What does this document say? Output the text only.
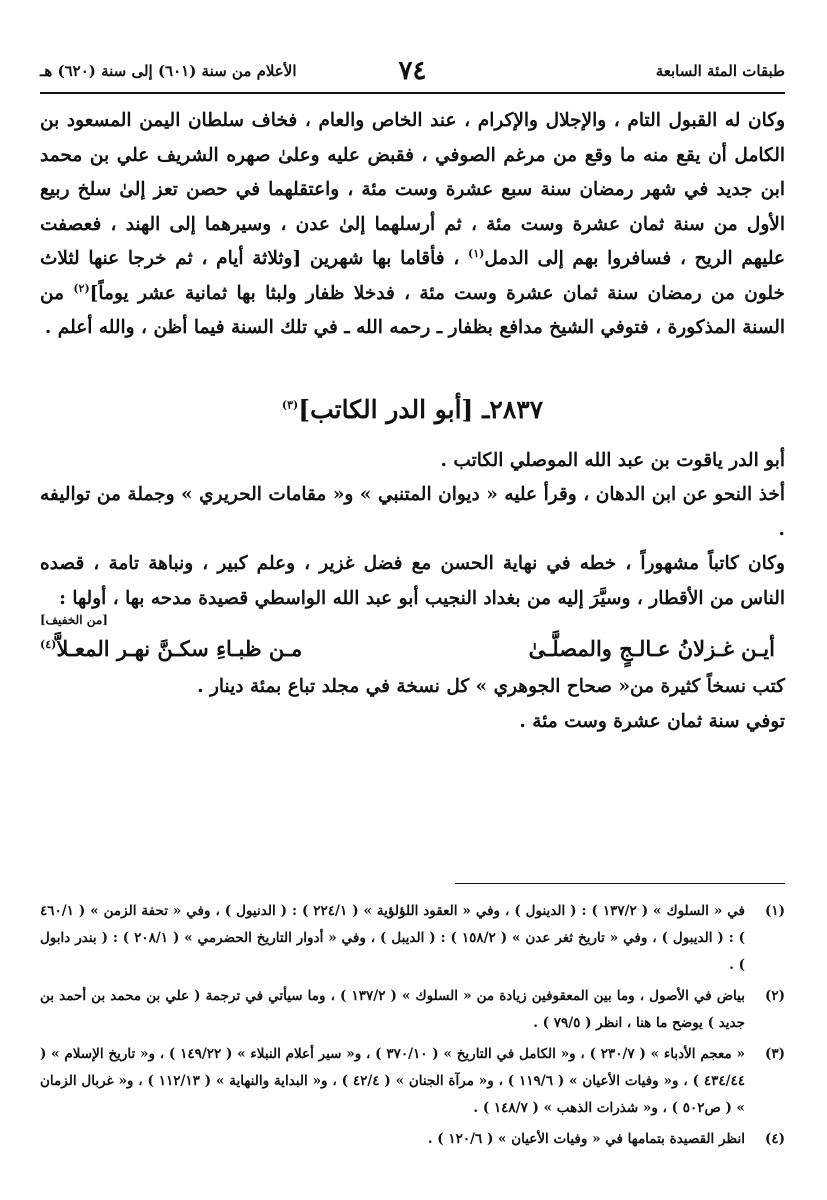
طبقات المئة السابعة
٧٤
الأعلام من سنة (٦٠١) إلى سنة (٦٢٠) هـ

وكان له القبول التام ، والإجلال والإكرام ، عند الخاص والعام ، فخاف سلطان اليمن المسعود بن الكامل أن يقع منه ما وقع من مرغم الصوفي ، فقبض عليه وعلىٰ صهره الشريف علي بن محمد ابن جديد في شهر رمضان سنة سبع عشرة وست مئة ، واعتقلهما في حصن تعز إلىٰ سلخ ربيع الأول من سنة ثمان عشرة وست مئة ، ثم أرسلهما إلىٰ عدن ، وسيرهما إلى الهند ، فعصفت عليهم الريح ، فسافروا بهم إلى الدمل$^{(١)}$ ، فأقاما بها شهرين [وثلاثة أيام ، ثم خرجا عنها لثلاث خلون من رمضان سنة ثمان عشرة وست مئة ، فدخلا ظفار ولبثا بها ثمانية عشر يوماً]$^{(٢)}$ من السنة المذكورة ، فتوفي الشيخ مدافع بظفار ـ رحمه الله ـ في تلك السنة فيما أظن ، والله أعلم .

٢٨٣٧ـ [أبو الدر الكاتب]$^{(٣)}$

أبو الدر ياقوت بن عبد الله الموصلي الكاتب .

أخذ النحو عن ابن الدهان ، وقرأ عليه « ديوان المتنبي » و« مقامات الحريري » وجملة من تواليفه .

وكان كاتباً مشهوراً ، خطه في نهاية الحسن مع فضل غزير ، وعلم كبير ، ونباهة تامة ، قصده الناس من الأقطار ، وسيَّرَ إليه من بغداد النجيب أبو عبد الله الواسطي قصيدة مدحه بها ، أولها :

[من الخفيف]

أيـن غـزلانُ عـالـجٍ والمصلَّـىٰ
مـن ظبـاءِ سكـنَّ نهـر المعـلاَّ$^{(٤)}$

كتب نسخاً كثيرة من« صحاح الجوهري » كل نسخة في مجلد تباع بمئة دينار .

توفي سنة ثمان عشرة وست مئة .

(١)
في « السلوك » ( ١٣٧/٢ ) : ( الدينول ) ، وفي « العقود اللؤلؤية » ( ٢٢٤/١ ) : ( الدنيول ) ، وفي « تحفة الزمن » ( ٤٦٠/١ ) : ( الديبول ) ، وفي « تاريخ ثغر عدن » ( ١٥٨/٢ ) : ( الديبل ) ، وفي « أدوار التاريخ الحضرمي » ( ٢٠٨/١ ) : ( بندر دابول ) .
(٢)
بياض في الأصول ، وما بين المعقوفين زيادة من « السلوك » ( ١٣٧/٢ ) ، وما سيأتي في ترجمة ( علي بن محمد بن أحمد بن جديد ) يوضح ما هنا ، انظر ( ٧٩/٥ ) .
(٣)
« معجم الأدباء » ( ٢٣٠/٧ ) ، و« الكامل في التاريخ » ( ٣٧٠/١٠ ) ، و« سير أعلام النبلاء » ( ١٤٩/٢٢ ) ، و« تاريخ الإسلام » ( ٤٣٤/٤٤ ) ، و« وفيات الأعيان » ( ١١٩/٦ ) ، و« مرآة الجنان » ( ٤٢/٤ ) ، و« البداية والنهاية » ( ١١٢/١٣ ) ، و« غربال الزمان » ( ص٥٠٢ ) ، و« شذرات الذهب » ( ١٤٨/٧ ) .
(٤)
انظر القصيدة بتمامها في « وفيات الأعيان » ( ١٢٠/٦ ) .
